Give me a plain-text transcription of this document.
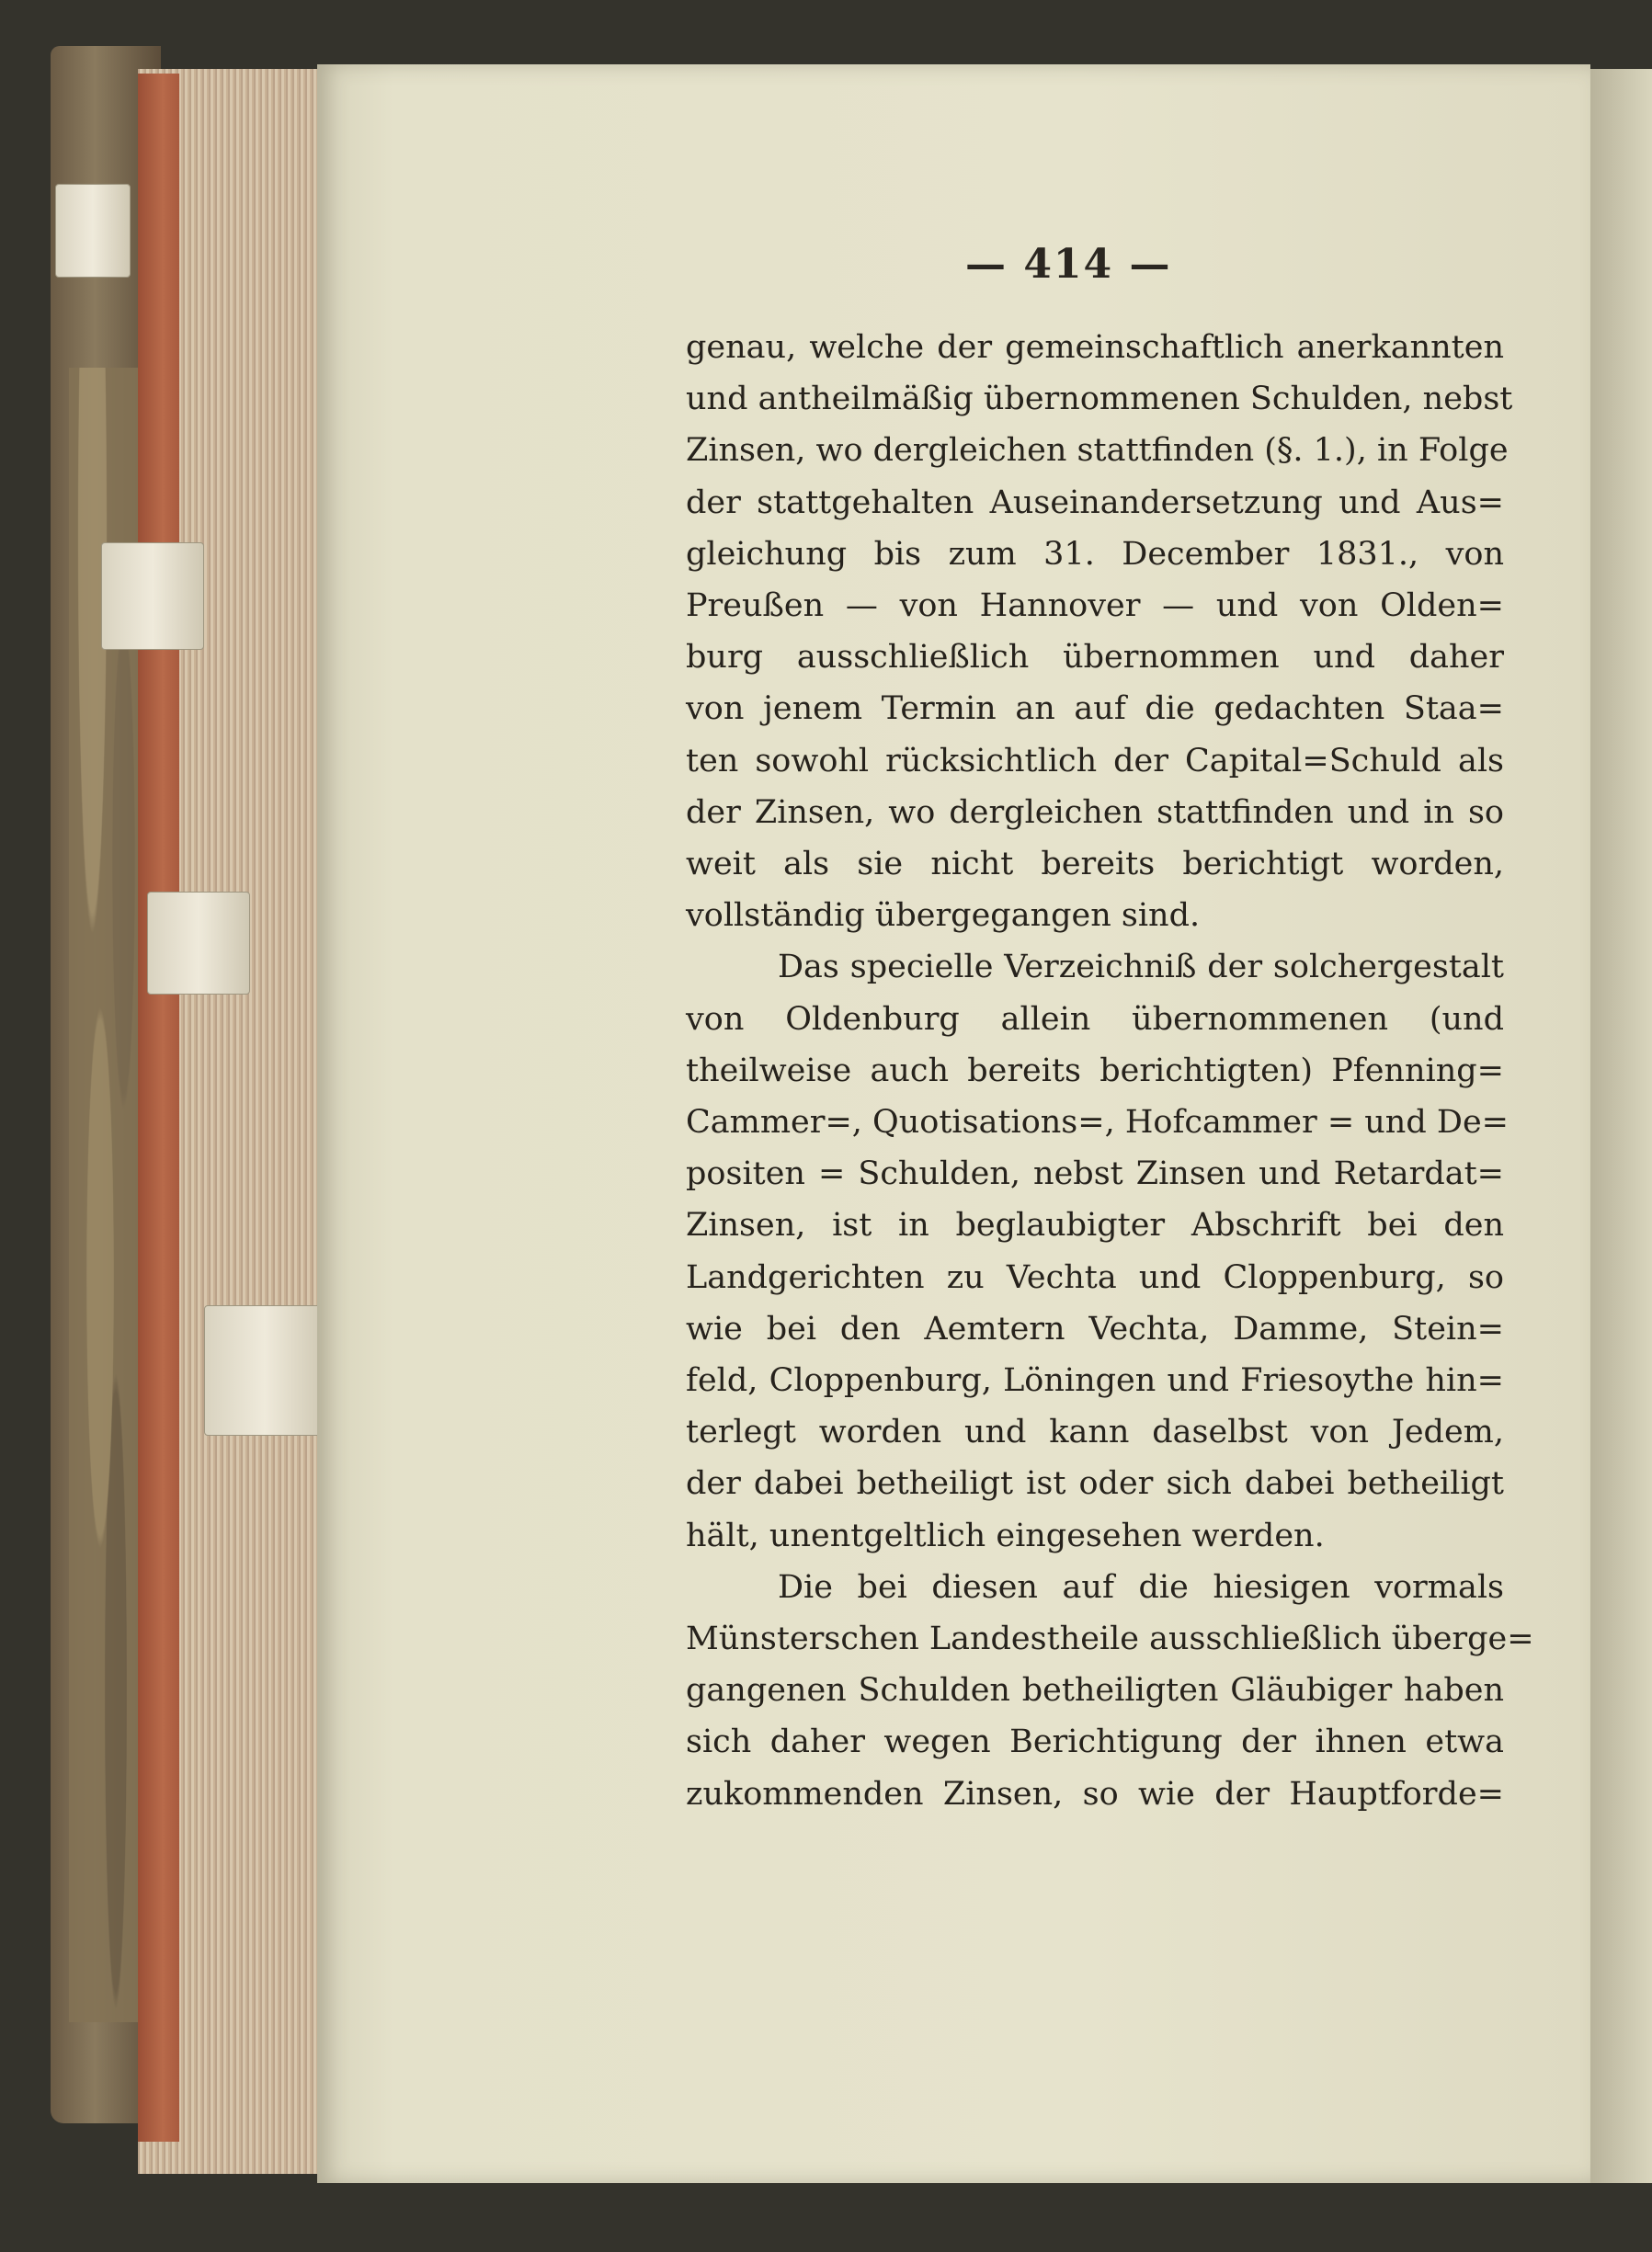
— 414 —
genau, welche der gemeinschaftlich anerkannten
und antheilmäßig übernommenen Schulden, nebst
Zinsen, wo dergleichen stattfinden (§. 1.), in Folge
der stattgehalten Auseinandersetzung und Aus=
gleichung bis zum 31. December 1831., von
Preußen — von Hannover — und von Olden=
burg ausschließlich übernommen und daher
von jenem Termin an auf die gedachten Staa=
ten sowohl rücksichtlich der Capital=Schuld als
der Zinsen, wo dergleichen stattfinden und in so
weit als sie nicht bereits berichtigt worden,
vollständig übergegangen sind.
Das specielle Verzeichniß der solchergestalt
von Oldenburg allein übernommenen (und
theilweise auch bereits berichtigten) Pfenning=
Cammer=, Quotisations=, Hofcammer = und De=
positen = Schulden, nebst Zinsen und Retardat=
Zinsen, ist in beglaubigter Abschrift bei den
Landgerichten zu Vechta und Cloppenburg, so
wie bei den Aemtern Vechta, Damme, Stein=
feld, Cloppenburg, Löningen und Friesoythe hin=
terlegt worden und kann daselbst von Jedem,
der dabei betheiligt ist oder sich dabei betheiligt
hält, unentgeltlich eingesehen werden.
Die bei diesen auf die hiesigen vormals
Münsterschen Landestheile ausschließlich überge=
gangenen Schulden betheiligten Gläubiger haben
sich daher wegen Berichtigung der ihnen etwa
zukommenden Zinsen, so wie der Hauptforde=
